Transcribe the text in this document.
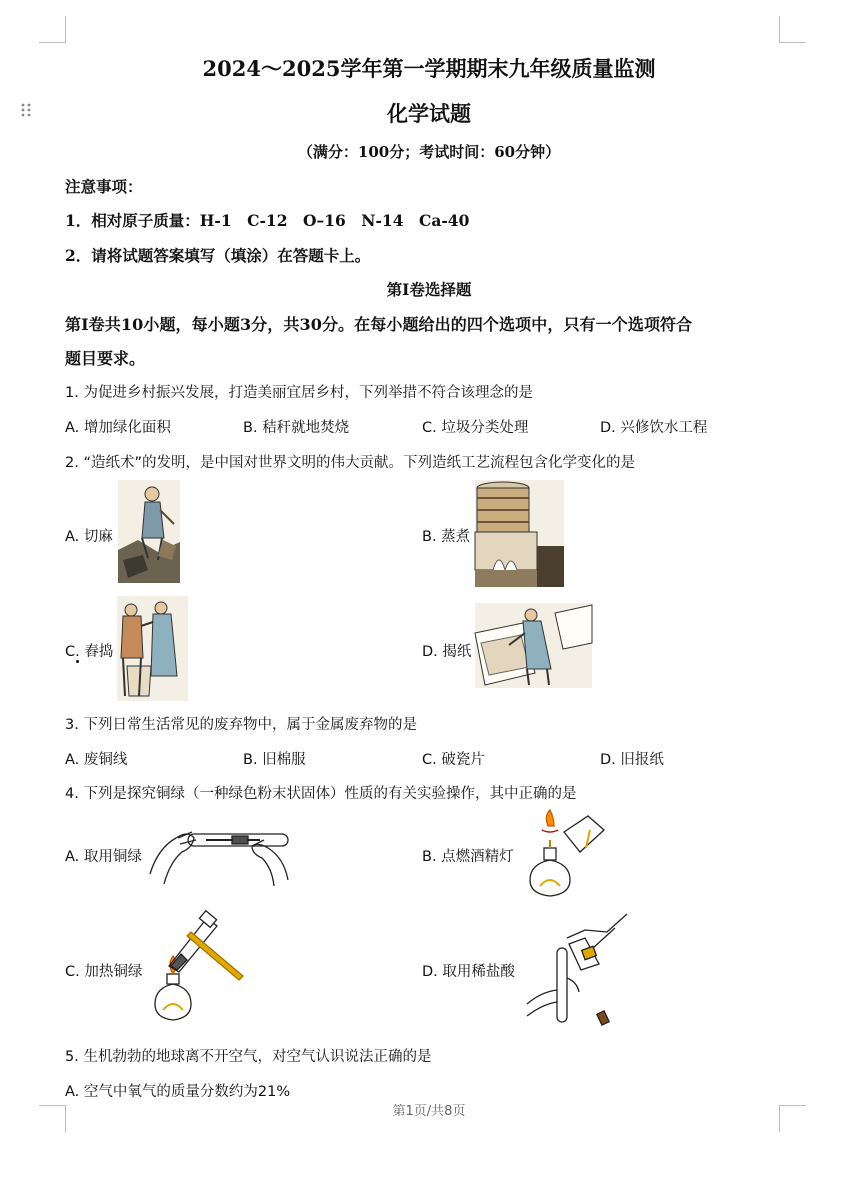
2024～2025学年第一学期期末九年级质量监测
化学试题
（满分：100分；考试时间：60分钟）
注意事项：
1．相对原子质量：H-1　C-12　O–16　N-14　Ca-40
2．请将试题答案填写（填涂）在答题卡上。
第Ⅰ卷选择题
第Ⅰ卷共10小题，每小题3分，共30分。在每小题给出的四个选项中，只有一个选项符合
题目要求。
1. 为促进乡村振兴发展，打造美丽宜居乡村，下列举措不符合该理念的是
A. 增加绿化面积	B. 秸秆就地焚烧	C. 垃圾分类处理	D. 兴修饮水工程
2. “造纸术”的发明，是中国对世界文明的伟大贡献。下列造纸工艺流程包含化学变化的是
A. 切麻	B. 蒸煮
C. 舂捣	D. 揭纸
3. 下列日常生活常见的废弃物中，属于金属废弃物的是
A. 废铜线	B. 旧棉服	C. 破瓷片	D. 旧报纸
4. 下列是探究铜绿（一种绿色粉末状固体）性质的有关实验操作，其中正确的是
A. 取用铜绿	B. 点燃酒精灯
C. 加热铜绿	D. 取用稀盐酸
5. 生机勃勃的地球离不开空气，对空气认识说法正确的是
A. 空气中氧气的质量分数约为21%
第1页/共8页
